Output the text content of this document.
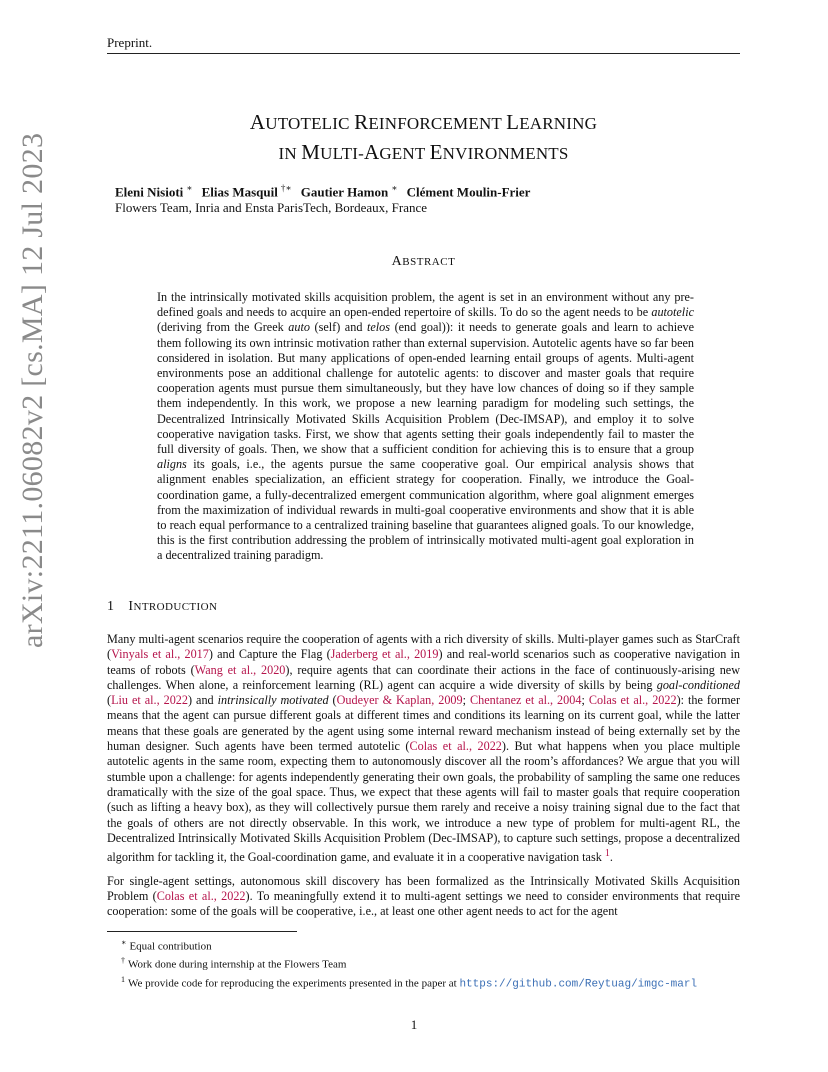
Preprint.
arXiv:2211.06082v2 [cs.MA] 12 Jul 2023
AUTOTELIC REINFORCEMENT LEARNING
IN MULTI-AGENT ENVIRONMENTS
Eleni Nisioti ∗ Elias Masquil †∗ Gautier Hamon ∗ Clément Moulin-Frier
Flowers Team, Inria and Ensta ParisTech, Bordeaux, France
ABSTRACT
In the intrinsically motivated skills acquisition problem, the agent is set in an environment without any pre-defined goals and needs to acquire an open-ended repertoire of skills. To do so the agent needs to be autotelic (deriving from the Greek auto (self) and telos (end goal)): it needs to generate goals and learn to achieve them following its own intrinsic motivation rather than external supervision. Autotelic agents have so far been considered in isolation. But many applications of open-ended learning entail groups of agents. Multi-agent environments pose an additional challenge for autotelic agents: to discover and master goals that require cooperation agents must pursue them simultaneously, but they have low chances of doing so if they sample them independently. In this work, we propose a new learning paradigm for modeling such settings, the Decentralized Intrinsically Motivated Skills Acquisition Problem (Dec-IMSAP), and employ it to solve cooperative navigation tasks. First, we show that agents setting their goals independently fail to master the full diversity of goals. Then, we show that a sufficient condition for achieving this is to ensure that a group aligns its goals, i.e., the agents pursue the same cooperative goal. Our empirical analysis shows that alignment enables specialization, an efficient strategy for cooperation. Finally, we introduce the Goal-coordination game, a fully-decentralized emergent communication algorithm, where goal alignment emerges from the maximization of individual rewards in multi-goal cooperative environments and show that it is able to reach equal performance to a centralized training baseline that guarantees aligned goals. To our knowledge, this is the first contribution addressing the problem of intrinsically motivated multi-agent goal exploration in a decentralized training paradigm.
1 INTRODUCTION

Many multi-agent scenarios require the cooperation of agents with a rich diversity of skills. Multi-player games such as StarCraft (Vinyals et al., 2017) and Capture the Flag (Jaderberg et al., 2019) and real-world scenarios such as cooperative navigation in teams of robots (Wang et al., 2020), require agents that can coordinate their actions in the face of continuously-arising new challenges. When alone, a reinforcement learning (RL) agent can acquire a wide diversity of skills by being goal-conditioned (Liu et al., 2022) and intrinsically motivated (Oudeyer & Kaplan, 2009; Chentanez et al., 2004; Colas et al., 2022): the former means that the agent can pursue different goals at different times and conditions its learning on its current goal, while the latter means that these goals are generated by the agent using some internal reward mechanism instead of being externally set by the human designer. Such agents have been termed autotelic (Colas et al., 2022). But what happens when you place multiple autotelic agents in the same room, expecting them to autonomously discover all the room’s affordances? We argue that you will stumble upon a challenge: for agents independently generating their own goals, the probability of sampling the same one reduces dramatically with the size of the goal space. Thus, we expect that these agents will fail to master goals that require cooperation (such as lifting a heavy box), as they will collectively pursue them rarely and receive a noisy training signal due to the fact that the goals of others are not directly observable. In this work, we introduce a new type of problem for multi-agent RL, the Decentralized Intrinsically Motivated Skills Acquisition Problem (Dec-IMSAP), to capture such settings, propose a decentralized algorithm for tackling it, the Goal-coordination game, and evaluate it in a cooperative navigation task $^1$.

For single-agent settings, autonomous skill discovery has been formalized as the Intrinsically Motivated Skills Acquisition Problem (Colas et al., 2022). To meaningfully extend it to multi-agent settings we need to consider environments that require cooperation: some of the goals will be cooperative, i.e., at least one other agent needs to act for the agent

∗ Equal contribution
† Work done during internship at the Flowers Team
$^1$ We provide code for reproducing the experiments presented in the paper at https://github.com/Reytuag/imgc-marl
1
